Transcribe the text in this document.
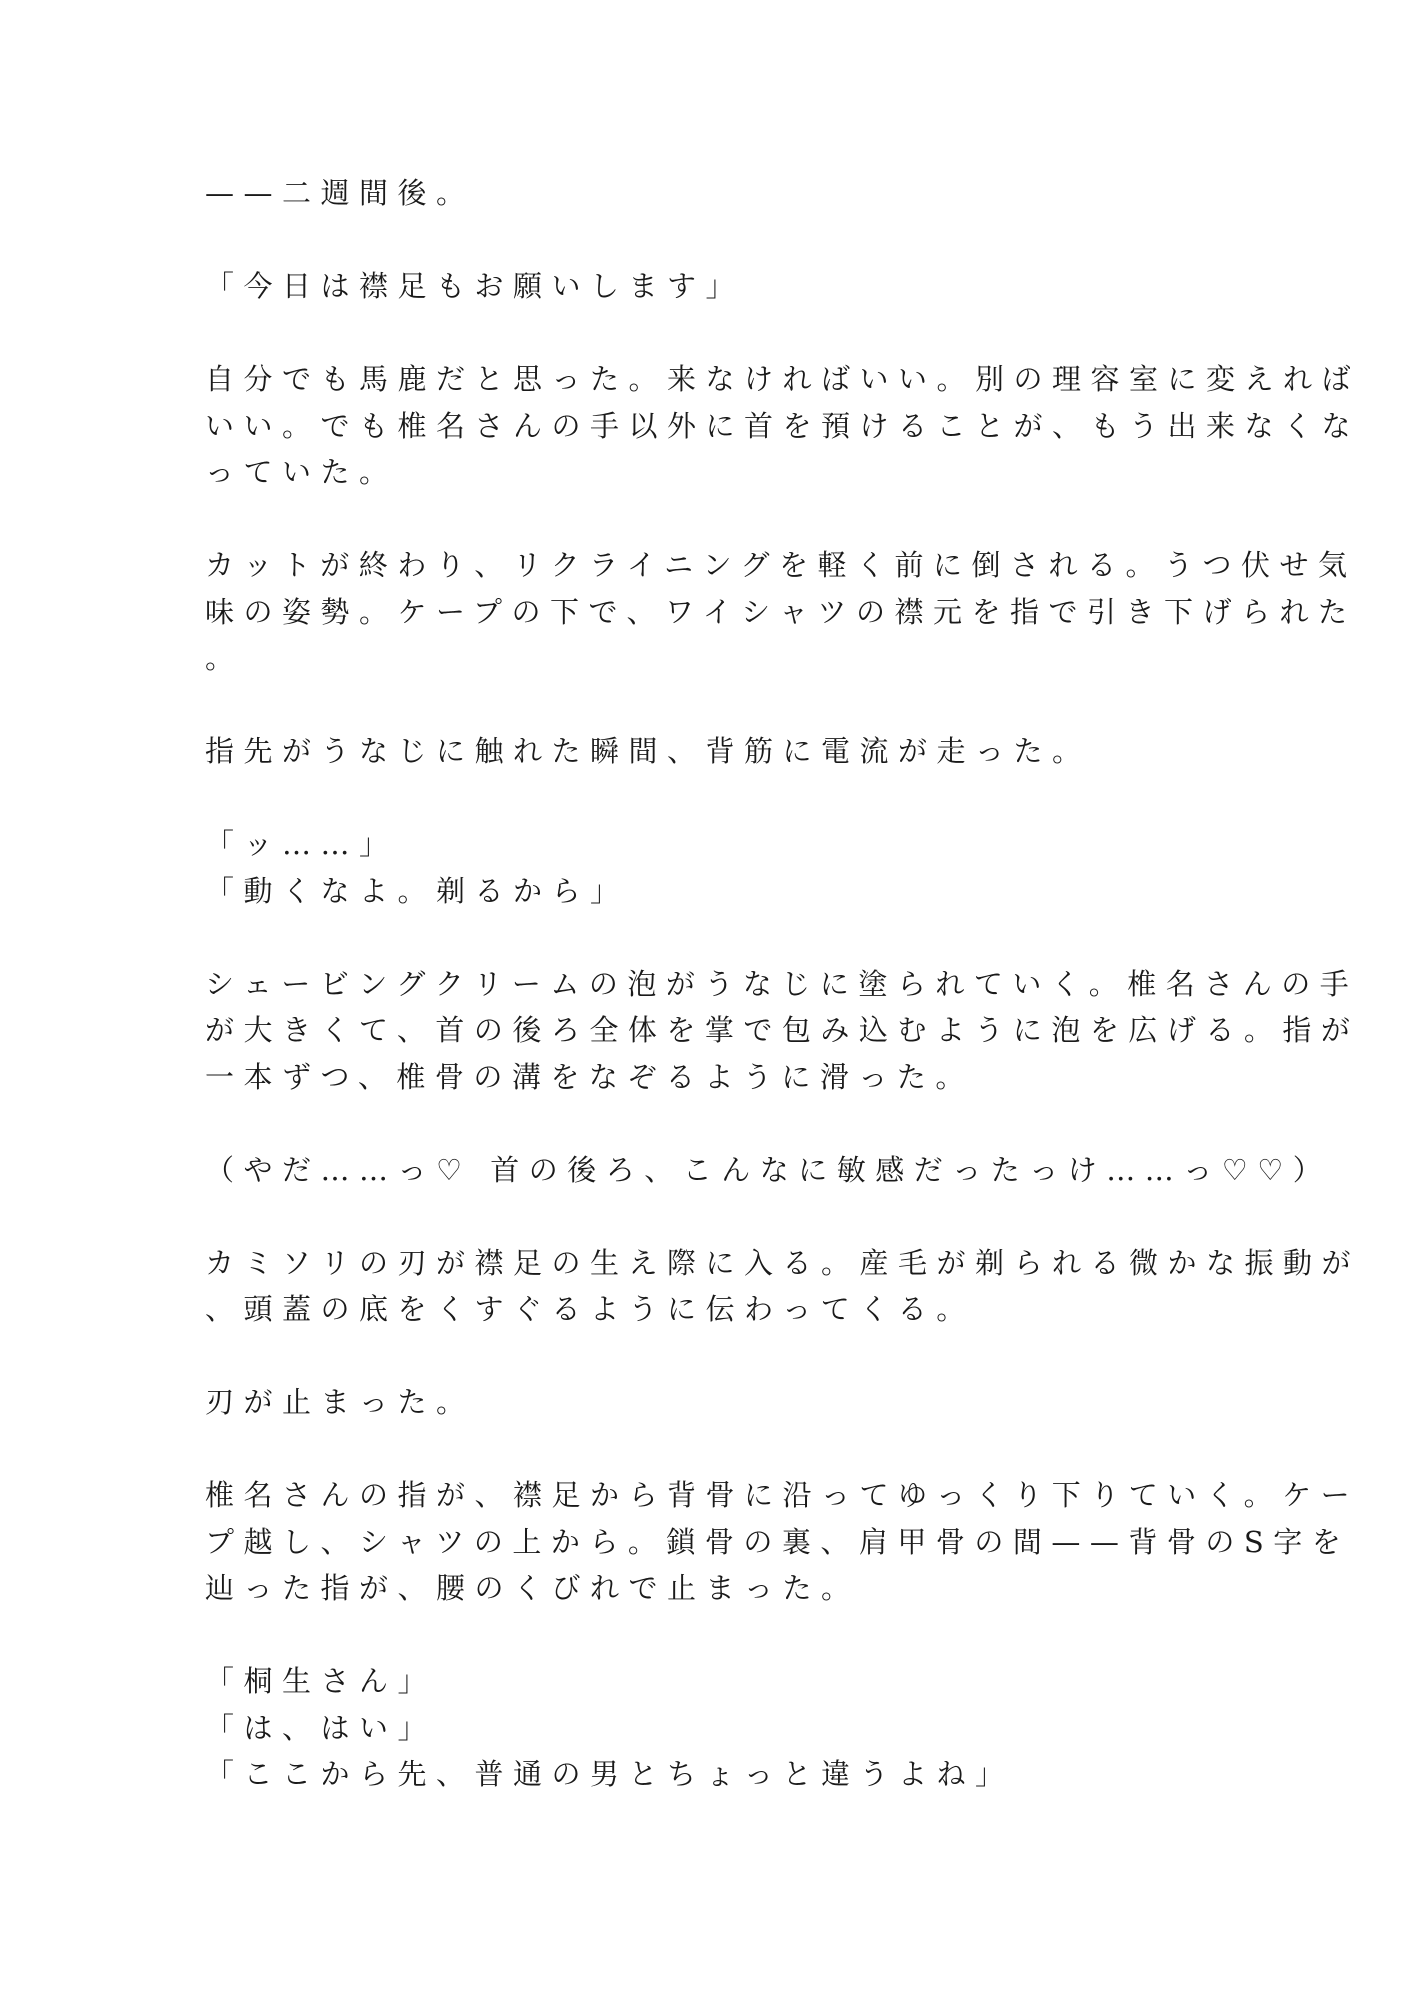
——二週間後。
「今日は襟足もお願いします」
自分でも馬鹿だと思った。来なければいい。別の理容室に変えれば
いい。でも椎名さんの手以外に首を預けることが、もう出来なくな
っていた。
カットが終わり、リクライニングを軽く前に倒される。うつ伏せ気
味の姿勢。ケープの下で、ワイシャツの襟元を指で引き下げられた
。
指先がうなじに触れた瞬間、背筋に電流が走った。
「ッ……」
「動くなよ。剃るから」
シェービングクリームの泡がうなじに塗られていく。椎名さんの手
が大きくて、首の後ろ全体を掌で包み込むように泡を広げる。指が
一本ずつ、椎骨の溝をなぞるように滑った。
（やだ……っ♡ 首の後ろ、こんなに敏感だったっけ……っ♡♡）
カミソリの刃が襟足の生え際に入る。産毛が剃られる微かな振動が
、頭蓋の底をくすぐるように伝わってくる。
刃が止まった。
椎名さんの指が、襟足から背骨に沿ってゆっくり下りていく。ケー
プ越し、シャツの上から。鎖骨の裏、肩甲骨の間——背骨のS字を
辿った指が、腰のくびれで止まった。
「桐生さん」
「は、はい」
「ここから先、普通の男とちょっと違うよね」
